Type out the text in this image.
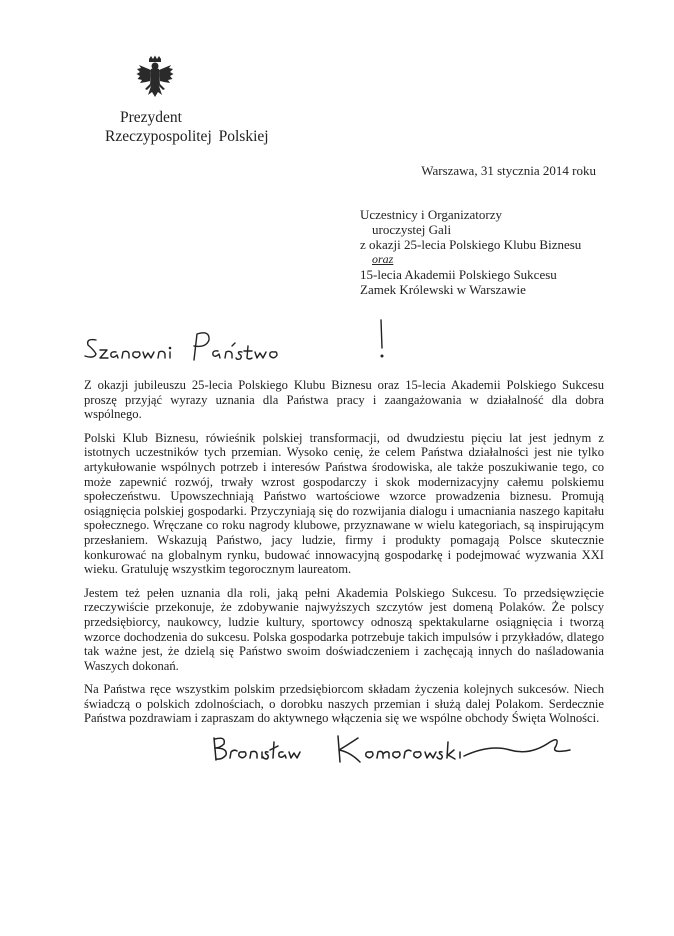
Prezydent
Rzeczypospolitej Polskiej
Warszawa, 31 stycznia 2014 roku
Uczestnicy i Organizatorzy
uroczystej Gali
z okazji 25-lecia Polskiego Klubu Biznesu
oraz
15-lecia Akademii Polskiego Sukcesu
Zamek Królewski w Warszawie

Z okazji jubileuszu 25-lecia Polskiego Klubu Biznesu oraz 15-lecia Akademii Polskiego Sukcesu proszę przyjąć wyrazy uznania dla Państwa pracy i zaangażowania w działalność dla dobra wspólnego.

Polski Klub Biznesu, rówieśnik polskiej transformacji, od dwudziestu pięciu lat jest jednym z istotnych uczestników tych przemian. Wysoko cenię, że celem Państwa działalności jest nie tylko artykułowanie wspólnych potrzeb i interesów Państwa środowiska, ale także poszukiwanie tego, co może zapewnić rozwój, trwały wzrost gospodarczy i skok modernizacyjny całemu polskiemu społeczeństwu. Upowszechniają Państwo wartościowe wzorce prowadzenia biznesu. Promują osiągnięcia polskiej gospodarki. Przyczyniają się do rozwijania dialogu i umacniania naszego kapitału społecznego. Wręczane co roku nagrody klubowe, przyznawane w wielu kategoriach, są inspirującym przesłaniem. Wskazują Państwo, jacy ludzie, firmy i produkty pomagają Polsce skutecznie konkurować na globalnym rynku, budować innowacyjną gospodarkę i podejmować wyzwania XXI wieku. Gratuluję wszystkim tegorocznym laureatom.

Jestem też pełen uznania dla roli, jaką pełni Akademia Polskiego Sukcesu. To przedsięwzięcie rzeczywiście przekonuje, że zdobywanie najwyższych szczytów jest domeną Polaków. Że polscy przedsiębiorcy, naukowcy, ludzie kultury, sportowcy odnoszą spektakularne osiągnięcia i tworzą wzorce dochodzenia do sukcesu. Polska gospodarka potrzebuje takich impulsów i przykładów, dlatego tak ważne jest, że dzielą się Państwo swoim doświadczeniem i zachęcają innych do naśladowania Waszych dokonań.

Na Państwa ręce wszystkim polskim przedsiębiorcom składam życzenia kolejnych sukcesów. Niech świadczą o polskich zdolnościach, o dorobku naszych przemian i służą dalej Polakom. Serdecznie Państwa pozdrawiam i zapraszam do aktywnego włączenia się we wspólne obchody Święta Wolności.
